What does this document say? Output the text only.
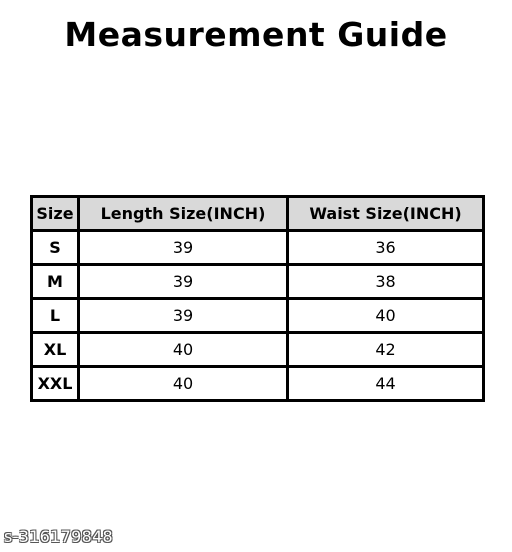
Measurement Guide
Size	Length Size(INCH)	Waist Size(INCH)
S	39	36
M	39	38
L	39	40
XL	40	42
XXL	40	44
s-316179848
